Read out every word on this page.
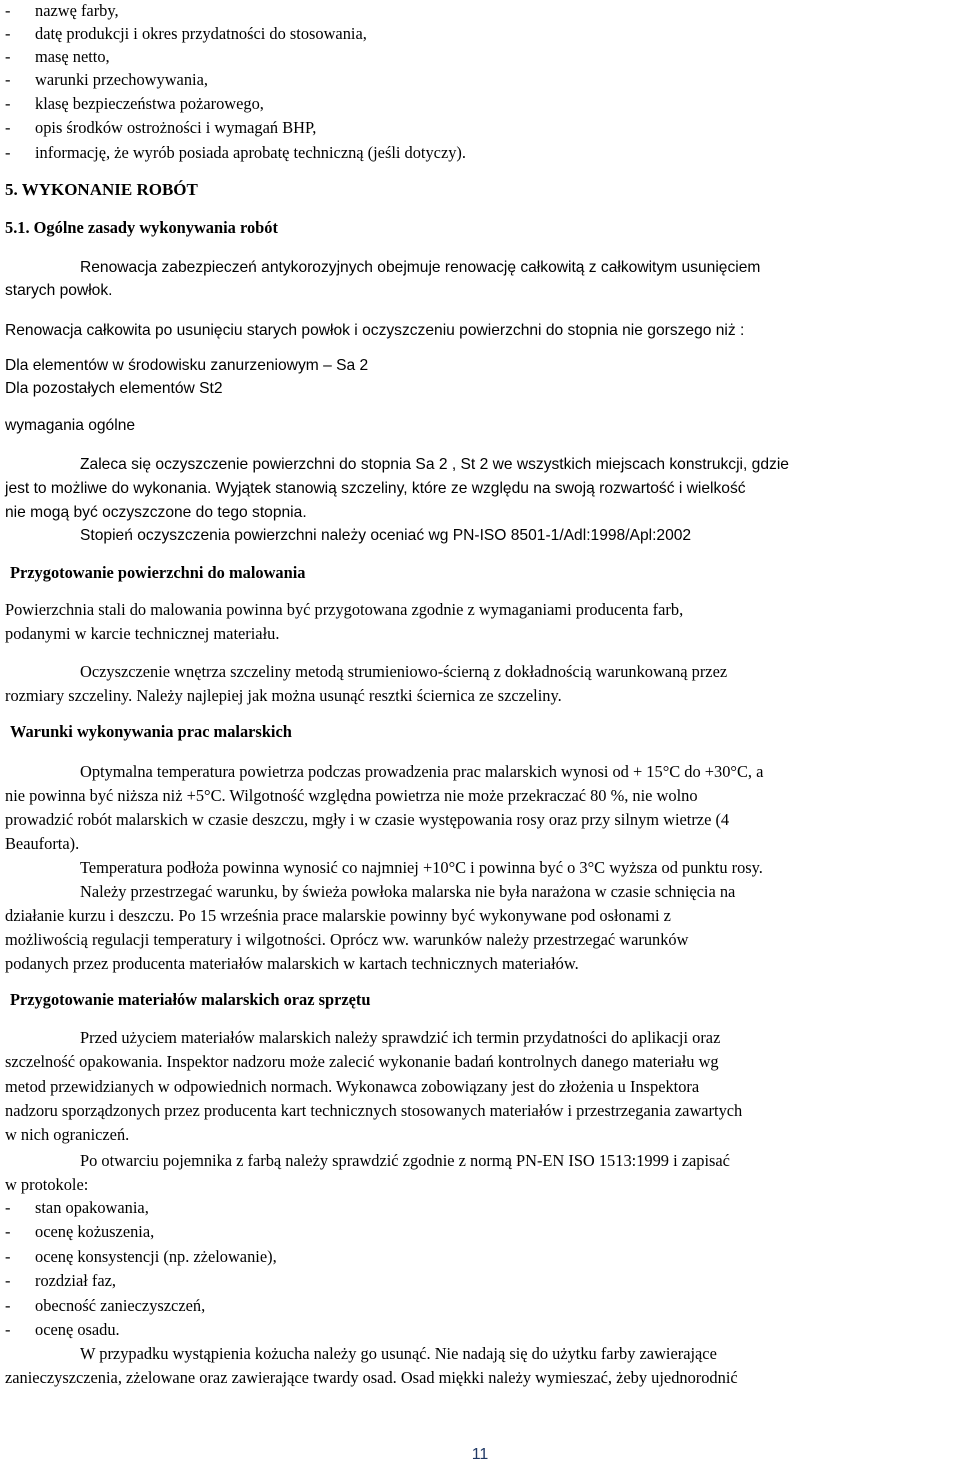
- nazwę farby,
- datę produkcji i okres przydatności do stosowania,
- masę netto,
- warunki przechowywania,
- klasę bezpieczeństwa pożarowego,
- opis środków ostrożności i wymagań BHP,
- informację, że wyrób posiada aprobatę techniczną (jeśli dotyczy).
5. WYKONANIE ROBÓT
5.1. Ogólne zasady wykonywania robót
Renowacja zabezpieczeń antykorozyjnych obejmuje renowację całkowitą z całkowitym usunięciem
starych powłok.
Renowacja całkowita po usunięciu starych powłok i oczyszczeniu powierzchni do stopnia nie gorszego niż :
Dla elementów w środowisku zanurzeniowym – Sa 2
Dla pozostałych elementów St2
wymagania ogólne
Zaleca się oczyszczenie powierzchni do stopnia Sa 2 , St 2 we wszystkich miejscach konstrukcji, gdzie
jest to możliwe do wykonania. Wyjątek stanowią szczeliny, które ze względu na swoją rozwartość i wielkość
nie mogą być oczyszczone do tego stopnia.
Stopień oczyszczenia powierzchni należy oceniać wg PN-ISO 8501-1/Adl:1998/Apl:2002
Przygotowanie powierzchni do malowania
Powierzchnia stali do malowania powinna być przygotowana zgodnie z wymaganiami producenta farb,
podanymi w karcie technicznej materiału.
Oczyszczenie wnętrza szczeliny metodą strumieniowo-ścierną z dokładnością warunkowaną przez
rozmiary szczeliny. Należy najlepiej jak można usunąć resztki ściernica ze szczeliny.
Warunki wykonywania prac malarskich
Optymalna temperatura powietrza podczas prowadzenia prac malarskich wynosi od + 15°C do +30°C, a
nie powinna być niższa niż +5°C. Wilgotność względna powietrza nie może przekraczać 80 %, nie wolno
prowadzić robót malarskich w czasie deszczu, mgły i w czasie występowania rosy oraz przy silnym wietrze (4
Beauforta).
Temperatura podłoża powinna wynosić co najmniej +10°C i powinna być o 3°C wyższa od punktu rosy.
Należy przestrzegać warunku, by świeża powłoka malarska nie była narażona w czasie schnięcia na
działanie kurzu i deszczu. Po 15 września prace malarskie powinny być wykonywane pod osłonami z
możliwością regulacji temperatury i wilgotności. Oprócz ww. warunków należy przestrzegać warunków
podanych przez producenta materiałów malarskich w kartach technicznych materiałów.
Przygotowanie materiałów malarskich oraz sprzętu
Przed użyciem materiałów malarskich należy sprawdzić ich termin przydatności do aplikacji oraz
szczelność opakowania. Inspektor nadzoru może zalecić wykonanie badań kontrolnych danego materiału wg
metod przewidzianych w odpowiednich normach. Wykonawca zobowiązany jest do złożenia u Inspektora
nadzoru sporządzonych przez producenta kart technicznych stosowanych materiałów i przestrzegania zawartych
w nich ograniczeń.
Po otwarciu pojemnika z farbą należy sprawdzić zgodnie z normą PN-EN ISO 1513:1999 i zapisać
w protokole:
- stan opakowania,
- ocenę kożuszenia,
- ocenę konsystencji (np. zżelowanie),
- rozdział faz,
- obecność zanieczyszczeń,
- ocenę osadu.
W przypadku wystąpienia kożucha należy go usunąć. Nie nadają się do użytku farby zawierające
zanieczyszczenia, zżelowane oraz zawierające twardy osad. Osad miękki należy wymieszać, żeby ujednorodnić
11
